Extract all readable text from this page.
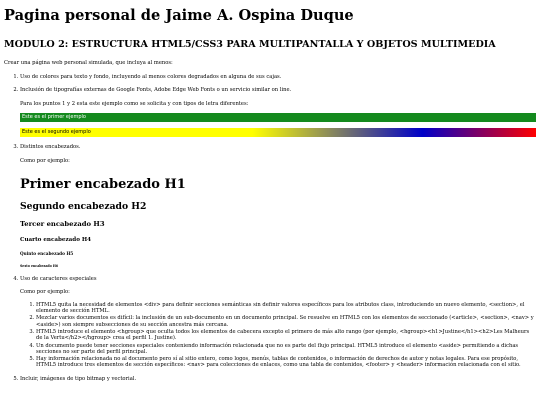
Pagina personal de Jaime A. Ospina Duque
MODULO 2: ESTRUCTURA HTML5/CSS3 PARA MULTIPANTALLA Y OBJETOS MULTIMEDIA
Crear una página web personal simulada, que incluya al menos:
1. Uso de colores para texto y fondo, incluyendo al menos colores degradados en alguna de sus cajas.
2. Inclusión de tipografías externas de Google Fonts, Adobe Edge Web Fonts o un servicio similar on line.
Para los puntos 1 y 2 esta este ejemplo como se solicita y con tipos de letra diferentes:
Este es el primer ejemplo
Este es el segundo ejemplo
3. Distintos encabezados.
Como por ejemplo:
Primer encabezado H1
Segundo encabezado H2
Tercer encabezado H3
Cuarto encabezado H4
Quinto encabezado H5
Sexto encabezado H6
4. Uso de caracteres especiales
Como por ejemplo:
1. HTML5 quita la necesidad de elementos <div> para definir secciones semánticas sin definir valores específicos para los atributos class, introduciendo un nuevo elemento, <section>, el elemento de sección HTML.
2. Mezclar varios documentos es difícil: la inclusión de un sub-documento en un documento principal. Se resuelve en HTML5 con los elementos de seccionado (<article>, <section>, <nav> y <aside>) son siempre subsecciones de su sección ancestra más cercana.
3. HTML5 introduce el elemento <hgroup> que oculta todos los elementos de cabecera excepto el primero de más alto rango (por ejemplo, <hgroup><h1>Justine</h1><h2>Les Malheurs de la Vertu</h2></hgroup> crea el perfil 1. Justine).
4. Un documento puede tener secciones especiales conteniendo información relacionada que no es parte del flujo principal. HTML5 introduce el elemento <aside> permitiendo a dichas secciones no ser parte del perfil principal.
5. Hay información relacionada no al documento pero sí al sitio entero, como logos, menús, tablas de contenidos, o información de derechos de autor y notas legales. Para ese propósito, HTML5 introduce tres elementos de sección específicos: <nav> para colecciones de enlaces, como una tabla de contenidos, <footer> y <header> información relacionada con el sitio.
5. Incluir, imágenes de tipo bitmap y vectorial.
